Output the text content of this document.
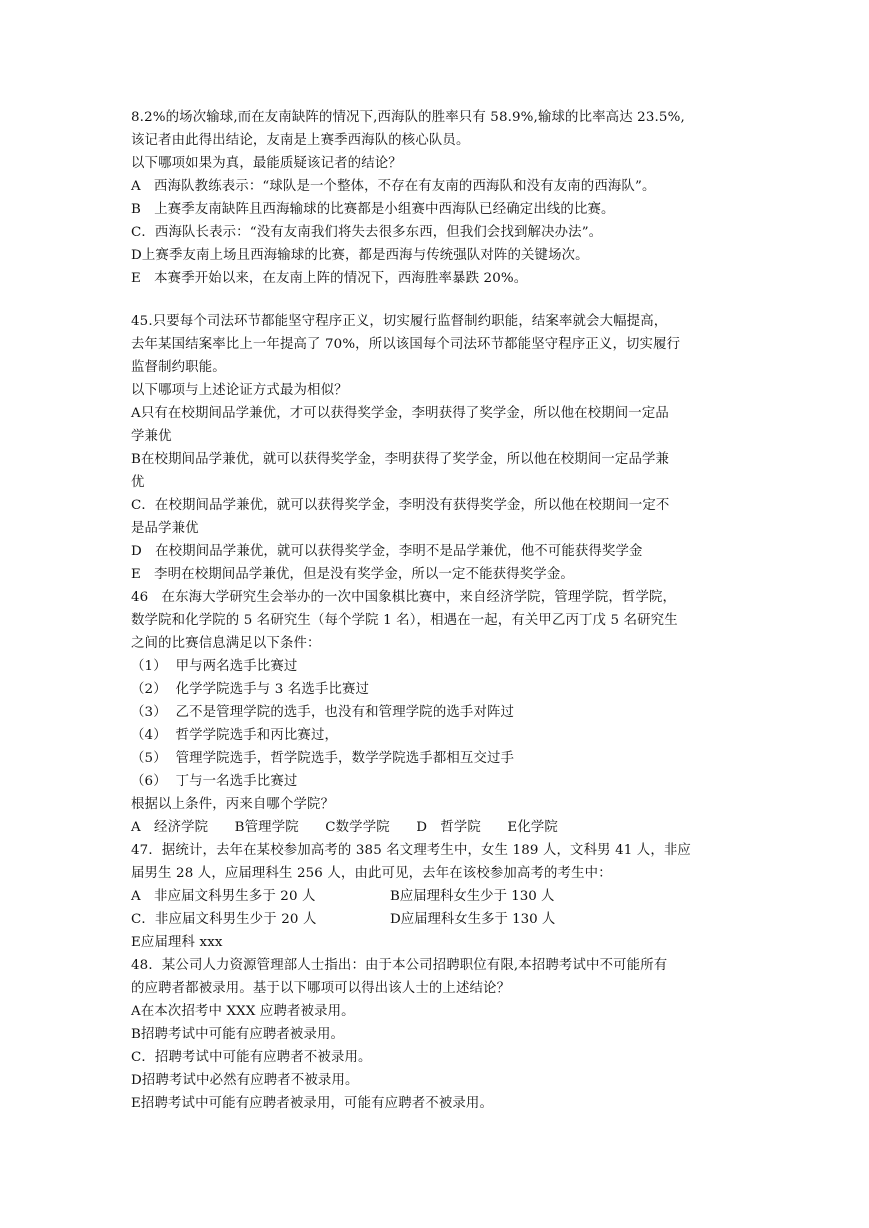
8.2%的场次输球,而在友南缺阵的情况下,西海队的胜率只有 58.9%,输球的比率高达 23.5%,
该记者由此得出结论，友南是上赛季西海队的核心队员。
以下哪项如果为真，最能质疑该记者的结论？
A   西海队教练表示：“球队是一个整体，不存在有友南的西海队和没有友南的西海队”。
B   上赛季友南缺阵且西海输球的比赛都是小组赛中西海队已经确定出线的比赛。
C．西海队长表示：“没有友南我们将失去很多东西，但我们会找到解决办法”。
D上赛季友南上场且西海输球的比赛，都是西海与传统强队对阵的关键场次。
E   本赛季开始以来，在友南上阵的情况下，西海胜率暴跌 20%。
45.只要每个司法环节都能坚守程序正义，切实履行监督制约职能，结案率就会大幅提高，
去年某国结案率比上一年提高了 70%，所以该国每个司法环节都能坚守程序正义，切实履行
监督制约职能。
以下哪项与上述论证方式最为相似？
A只有在校期间品学兼优，才可以获得奖学金，李明获得了奖学金，所以他在校期间一定品
学兼优
B在校期间品学兼优，就可以获得奖学金，李明获得了奖学金，所以他在校期间一定品学兼
优
C．在校期间品学兼优，就可以获得奖学金，李明没有获得奖学金，所以他在校期间一定不
是品学兼优
D   在校期间品学兼优，就可以获得奖学金，李明不是品学兼优，他不可能获得奖学金
E   李明在校期间品学兼优，但是没有奖学金，所以一定不能获得奖学金。
46   在东海大学研究生会举办的一次中国象棋比赛中，来自经济学院，管理学院，哲学院，
数学院和化学院的 5 名研究生（每个学院 1 名），相遇在一起，有关甲乙丙丁戊 5 名研究生
之间的比赛信息满足以下条件：
（1）  甲与两名选手比赛过
（2）  化学学院选手与 3 名选手比赛过
（3）  乙不是管理学院的选手，也没有和管理学院的选手对阵过
（4）  哲学学院选手和丙比赛过，
（5）  管理学院选手，哲学院选手，数学学院选手都相互交过手
（6）  丁与一名选手比赛过
根据以上条件，丙来自哪个学院？
A   经济学院      B管理学院      C数学学院      D   哲学院      E化学院
47．据统计，去年在某校参加高考的 385 名文理考生中，女生 189 人，文科男 41 人，非应
届男生 28 人，应届理科生 256 人，由此可见，去年在该校参加高考的考生中：
A   非应届文科男生多于 20 人	B应届理科女生少于 130 人
C．非应届文科男生少于 20 人	D应届理科女生多于 130 人
E应届理科 xxx
48．某公司人力资源管理部人士指出：由于本公司招聘职位有限,本招聘考试中不可能所有
的应聘者都被录用。基于以下哪项可以得出该人士的上述结论？
A在本次招考中 XXX 应聘者被录用。
B招聘考试中可能有应聘者被录用。
C．招聘考试中可能有应聘者不被录用。
D招聘考试中必然有应聘者不被录用。
E招聘考试中可能有应聘者被录用，可能有应聘者不被录用。
